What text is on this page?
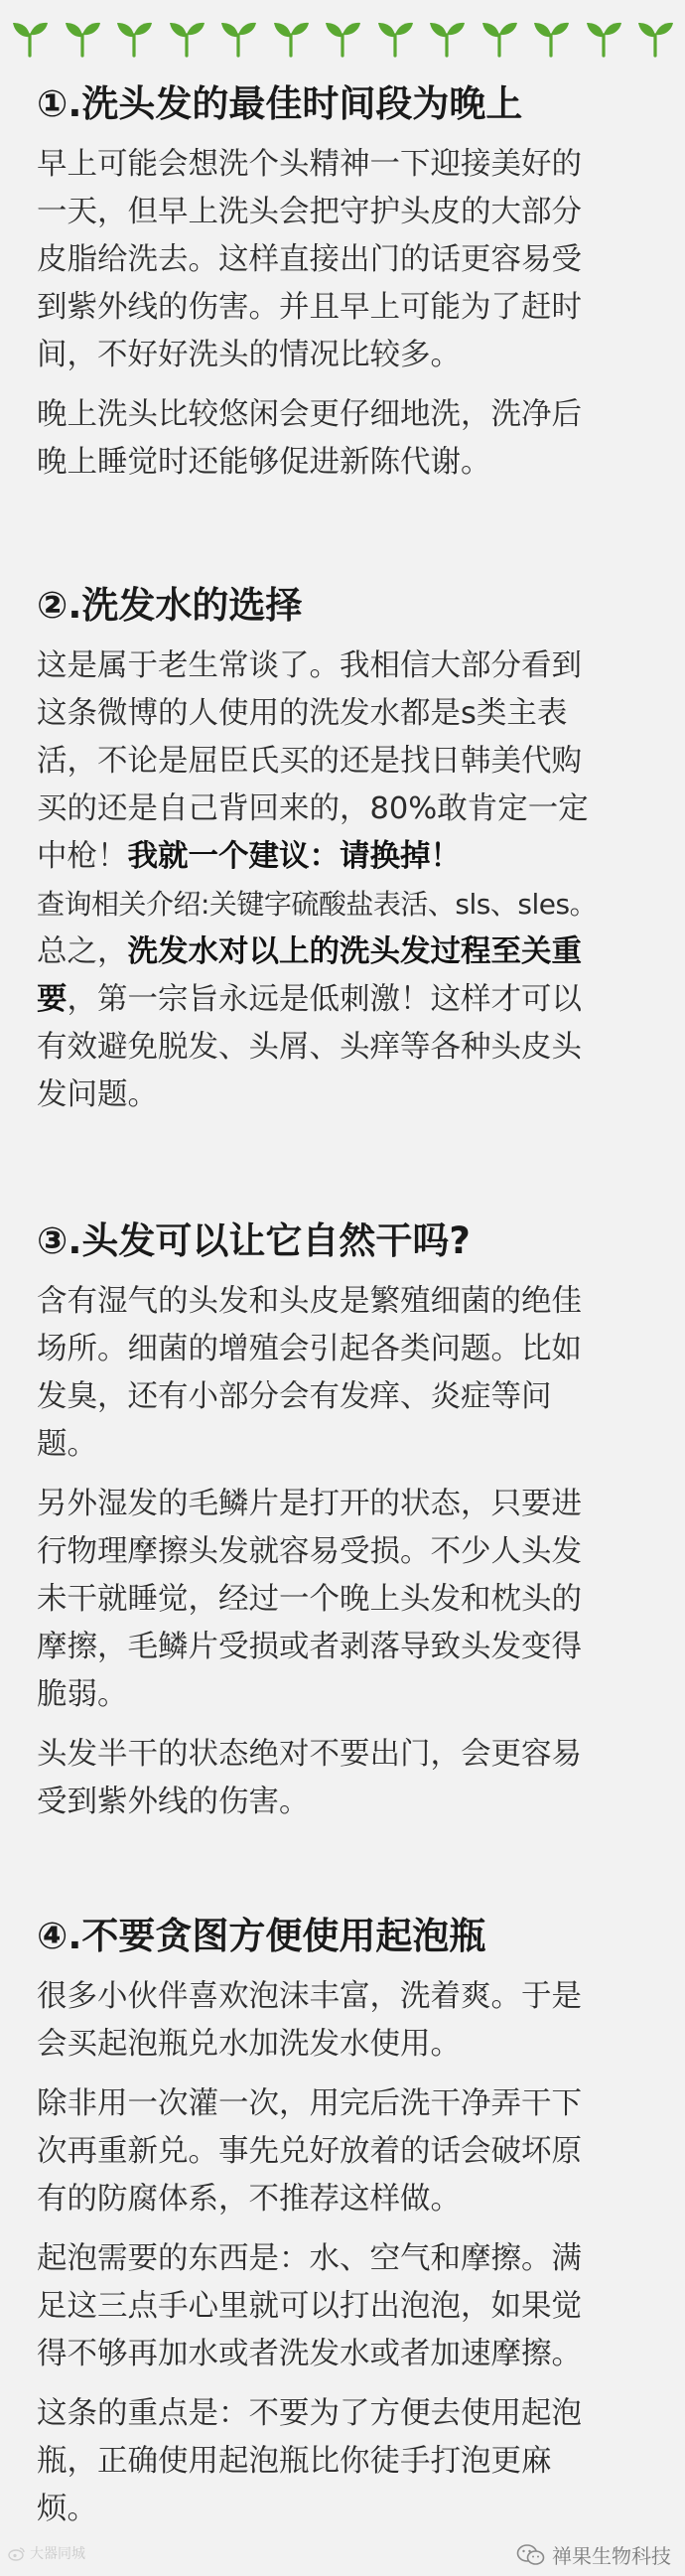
①.洗头发的最佳时间段为晚上
早上可能会想洗个头精神一下迎接美好的
一天，但早上洗头会把守护头皮的大部分
皮脂给洗去。这样直接出门的话更容易受
到紫外线的伤害。并且早上可能为了赶时
间，不好好洗头的情况比较多。
晚上洗头比较悠闲会更仔细地洗，洗净后
晚上睡觉时还能够促进新陈代谢。
②.洗发水的选择
这是属于老生常谈了。我相信大部分看到
这条微博的人使用的洗发水都是s类主表
活，不论是屈臣氏买的还是找日韩美代购
买的还是自己背回来的，80%敢肯定一定
中枪！我就一个建议：请换掉！
查询相关介绍:关键字硫酸盐表活、sls、sles。
总之，洗发水对以上的洗头发过程至关重
要，第一宗旨永远是低刺激！这样才可以
有效避免脱发、头屑、头痒等各种头皮头
发问题。
③.头发可以让它自然干吗?
含有湿气的头发和头皮是繁殖细菌的绝佳
场所。细菌的增殖会引起各类问题。比如
发臭，还有小部分会有发痒、炎症等问
题。
另外湿发的毛鳞片是打开的状态，只要进
行物理摩擦头发就容易受损。不少人头发
未干就睡觉，经过一个晚上头发和枕头的
摩擦，毛鳞片受损或者剥落导致头发变得
脆弱。
头发半干的状态绝对不要出门，会更容易
受到紫外线的伤害。
④.不要贪图方便使用起泡瓶
很多小伙伴喜欢泡沫丰富，洗着爽。于是
会买起泡瓶兑水加洗发水使用。
除非用一次灌一次，用完后洗干净弄干下
次再重新兑。事先兑好放着的话会破坏原
有的防腐体系，不推荐这样做。
起泡需要的东西是：水、空气和摩擦。满
足这三点手心里就可以打出泡泡，如果觉
得不够再加水或者洗发水或者加速摩擦。
这条的重点是：不要为了方便去使用起泡
瓶，正确使用起泡瓶比你徒手打泡更麻
烦。
大器同城	禅果生物科技
